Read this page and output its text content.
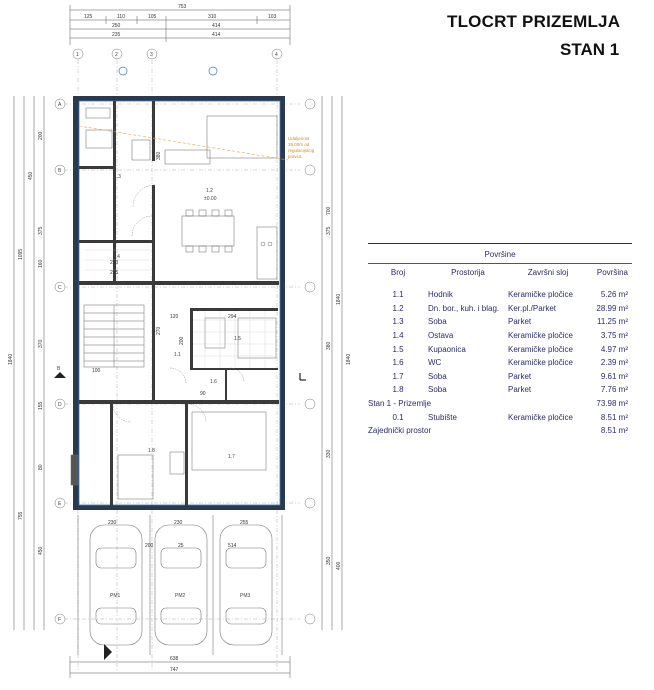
753
125	110	105	310	103
250	414
235	414
1	2	3	4
A
B
C
D
E
F
1840
1095
755
450
200
375
160
370
155
80
450
1840
1840
700
375
380
330
350
400
1.2
±0.00
1.3
1.4
1.1
1.5
1.6
1.7
1.8
120
270
200
294
235
250
100
90
380
Udaljenost
35,00m od
regulacijskog
pravca
B
PM1	PM2	PM3
230	230	255
200	25	514
638
747
TLOCRT PRIZEMLJA
STAN 1
Površine
Broj	Prostorija	Završni sloj	Površina

1.1	Hodnik	Keramičke pločice	5.26 m²
1.2	Dn. bor., kuh. i blag.	Ker.pl./Parket	28.99 m²
1.3	Soba	Parket	11.25 m²
1.4	Ostava	Keramičke pločice	3.75 m²
1.5	Kupaonica	Keramičke pločice	4.97 m²
1.6	WC	Keramičke pločice	2.39 m²
1.7	Soba	Parket	9.61 m²
1.8	Soba	Parket	7.76 m²
Stan 1 - Prizemlje			73.98 m²
0.1	Stubište	Keramičke pločice	8.51 m²
Zajednički prostor			8.51 m²
